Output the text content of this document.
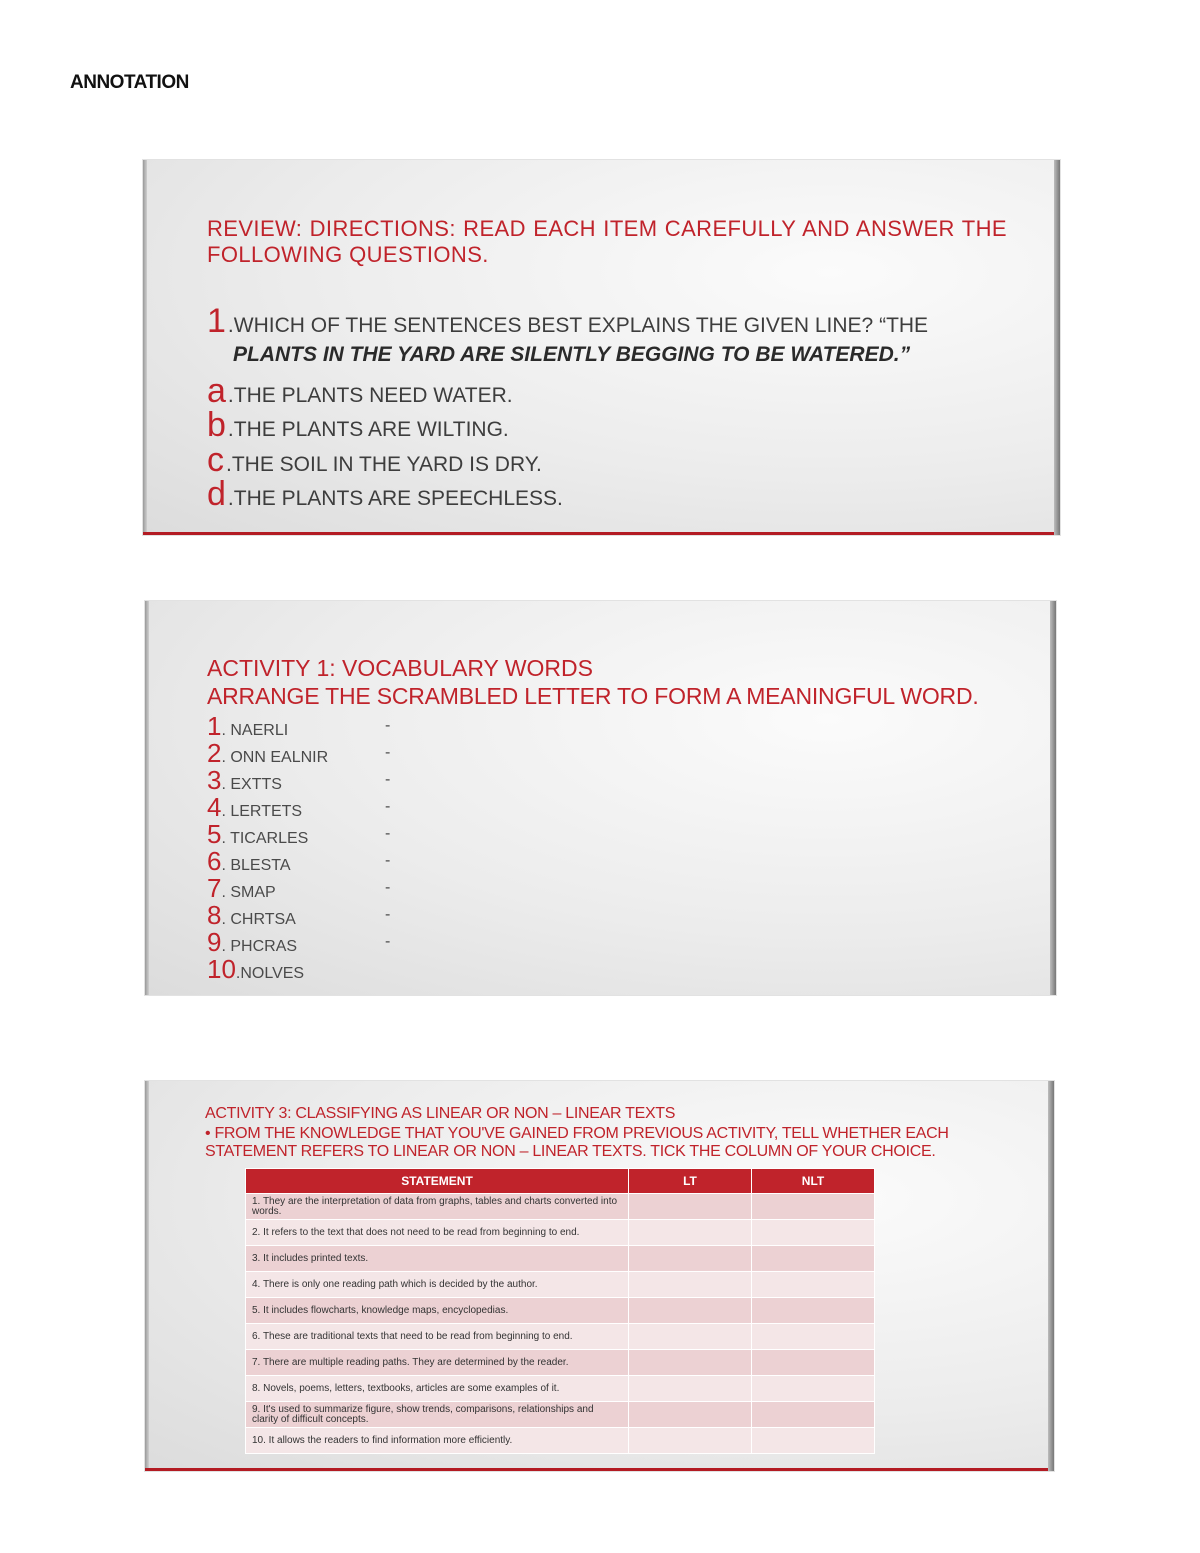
ANNOTATION
REVIEW: DIRECTIONS: READ EACH ITEM CAREFULLY AND ANSWER THE FOLLOWING QUESTIONS.
1.WHICH OF THE SENTENCES BEST EXPLAINS THE GIVEN LINE? “THE
PLANTS IN THE YARD ARE SILENTLY BEGGING TO BE WATERED.”
a.THE PLANTS NEED WATER.
b.THE PLANTS ARE WILTING.
c.THE SOIL IN THE YARD IS DRY.
d.THE PLANTS ARE SPEECHLESS.
ACTIVITY 1: VOCABULARY WORDS
ARRANGE THE SCRAMBLED LETTER TO FORM A MEANINGFUL WORD.
1. NAERLI	-
2. ONN EALNIR	-
3. EXTTS	-
4. LERTETS	-
5. TICARLES	-
6. BLESTA	-
7. SMAP	-
8. CHRTSA	-
9. PHCRAS	-
10.NOLVES
ACTIVITY 3: CLASSIFYING AS LINEAR OR NON – LINEAR TEXTS
• FROM THE KNOWLEDGE THAT YOU'VE GAINED FROM PREVIOUS ACTIVITY, TELL WHETHER EACH STATEMENT REFERS TO LINEAR OR NON – LINEAR TEXTS. TICK THE COLUMN OF YOUR CHOICE.
STATEMENT	LT	NLT
1. They are the interpretation of data from graphs, tables and charts converted into words.		
2. It refers to the text that does not need to be read from beginning to end.		
3. It includes printed texts.		
4. There is only one reading path which is decided by the author.		
5. It includes flowcharts, knowledge maps, encyclopedias.		
6. These are traditional texts that need to be read from beginning to end.		
7. There are multiple reading paths. They are determined by the reader.		
8. Novels, poems, letters, textbooks, articles are some examples of it.		
9. It's used to summarize figure, show trends, comparisons, relationships and clarity of difficult concepts.		
10. It allows the readers to find information more efficiently.		
